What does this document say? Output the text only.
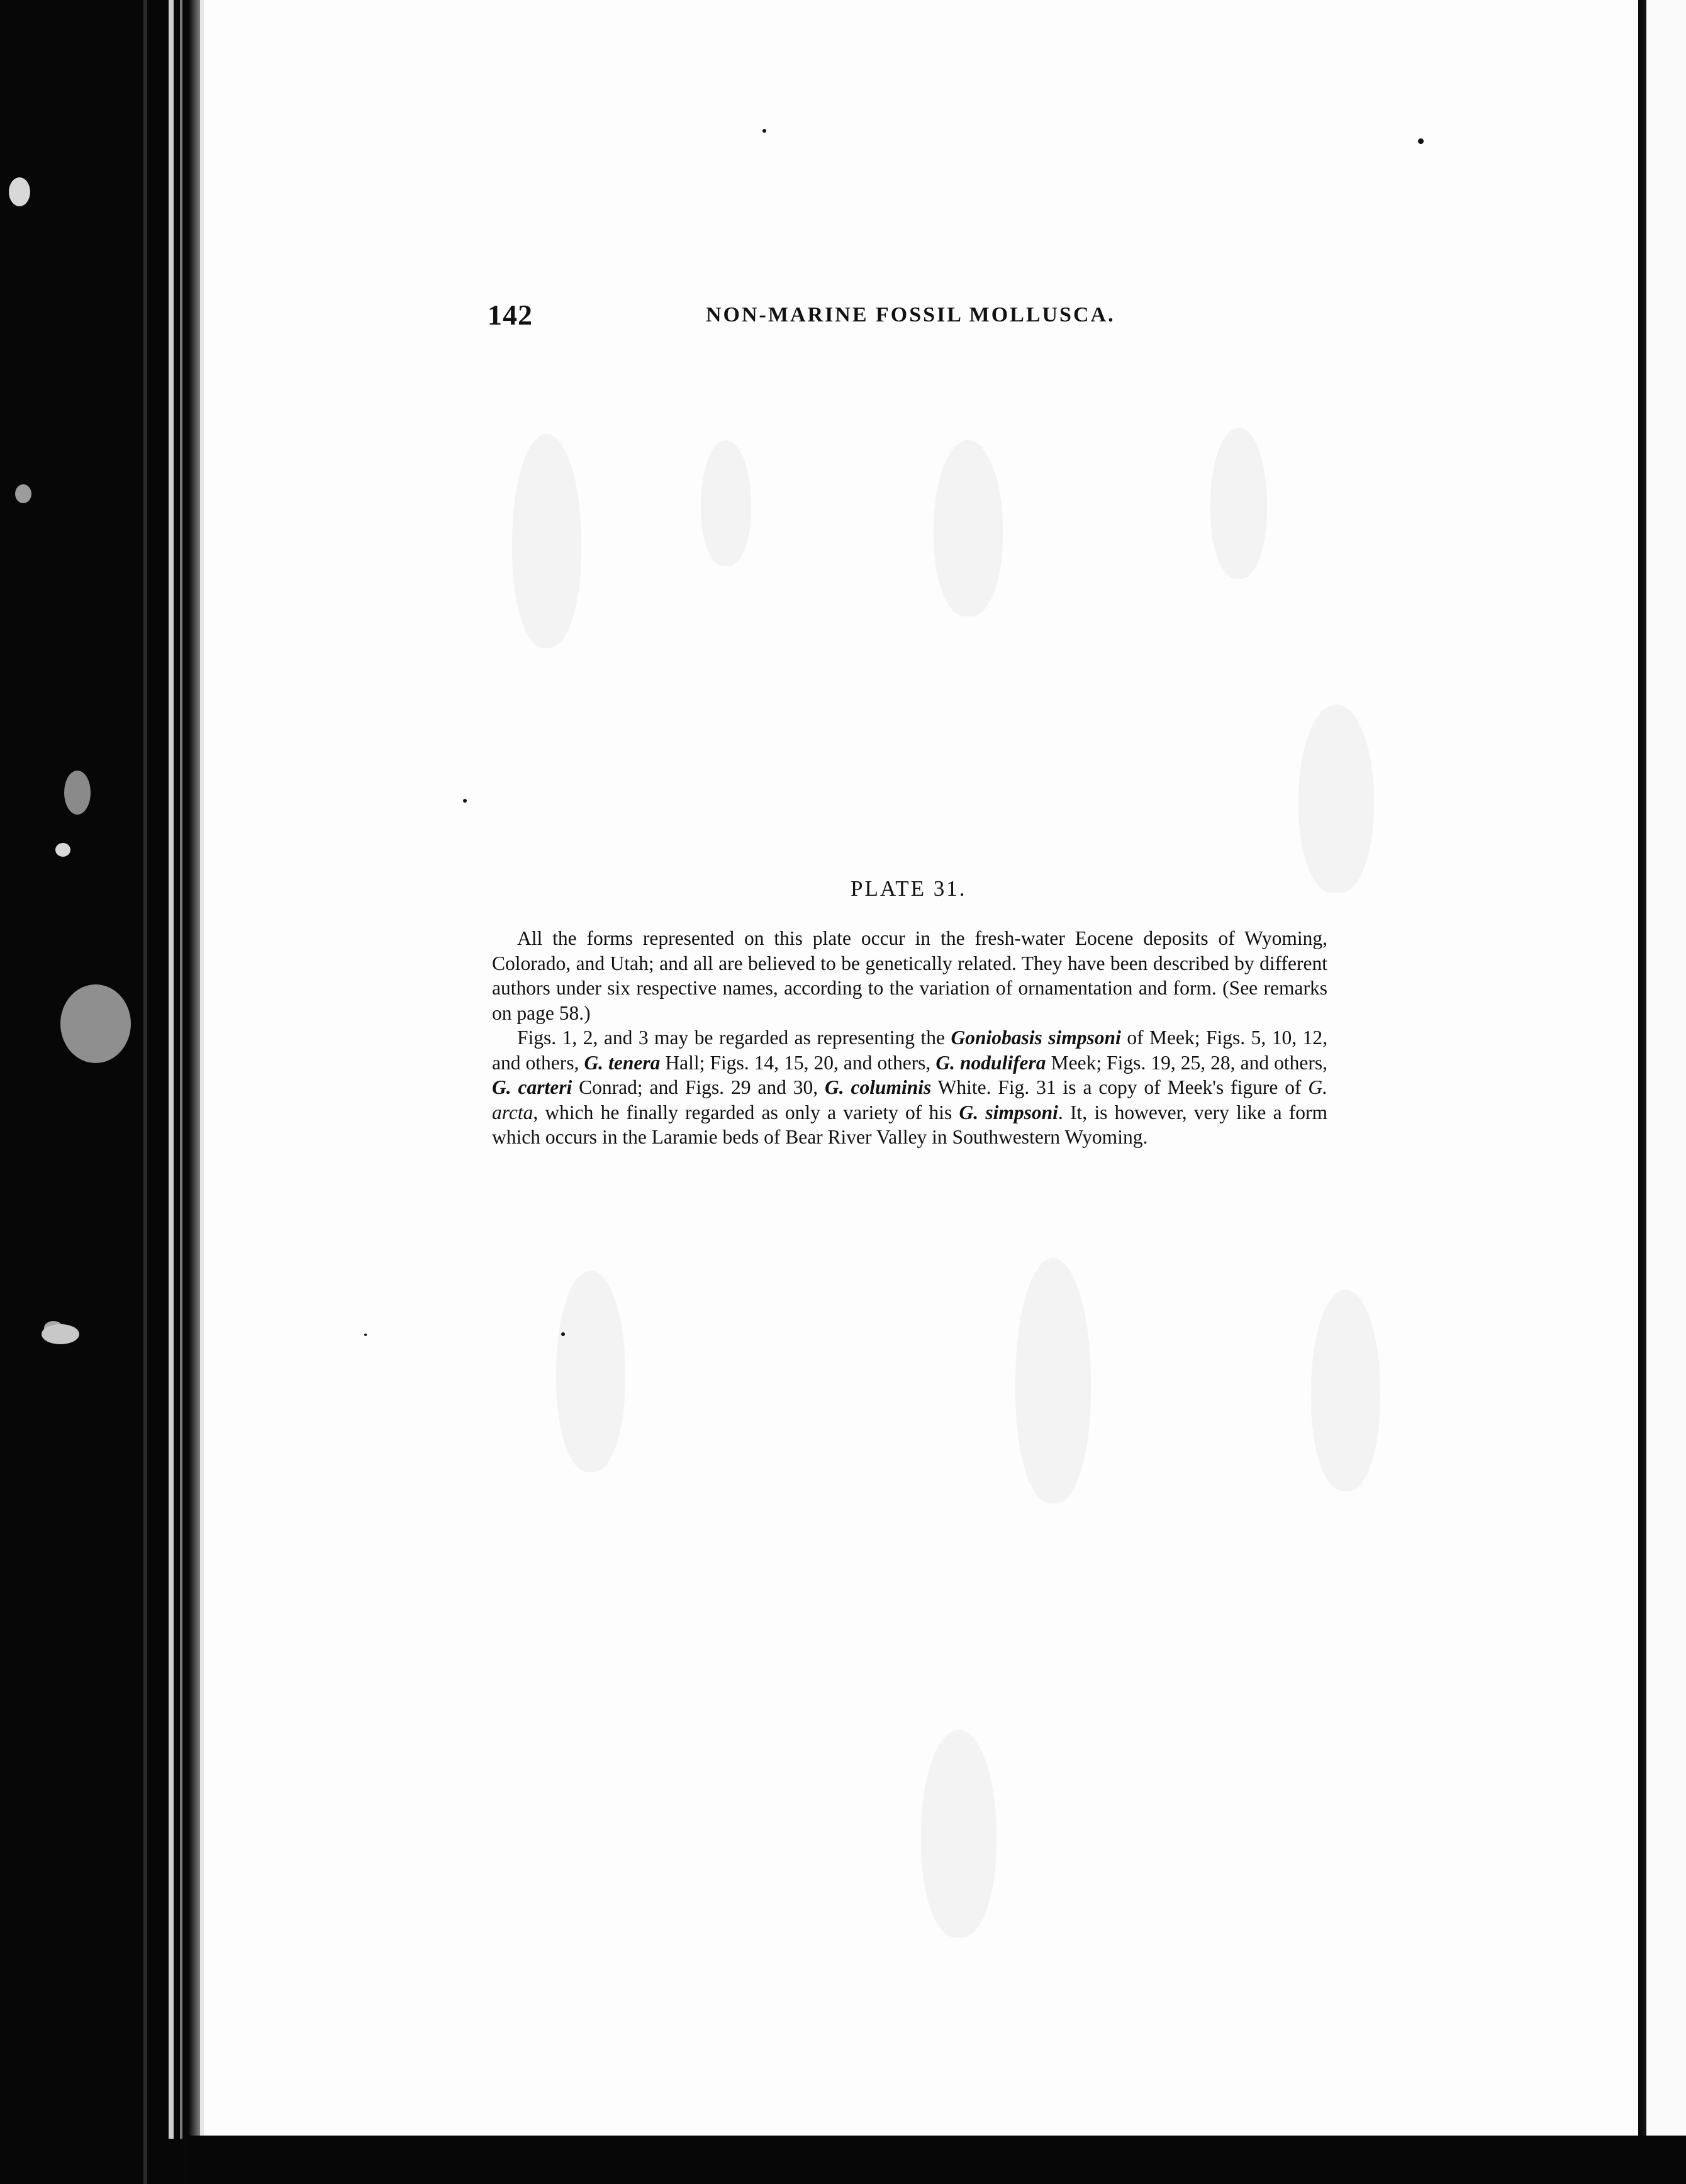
142	NON-MARINE FOSSIL MOLLUSCA.
PLATE 31.

All the forms represented on this plate occur in the fresh-water Eocene deposits of Wyoming, Colorado, and Utah; and all are believed to be genetically related. They have been described by different authors under six respective names, according to the variation of ornamentation and form. (See remarks on page 58.)

Figs. 1, 2, and 3 may be regarded as representing the Goniobasis simpsoni of Meek; Figs. 5, 10, 12, and others, G. tenera Hall; Figs. 14, 15, 20, and others, G. nodulifera Meek; Figs. 19, 25, 28, and others, G. carteri Conrad; and Figs. 29 and 30, G. columinis White. Fig. 31 is a copy of Meek's figure of G. arcta, which he finally regarded as only a variety of his G. simpsoni. It, is however, very like a form which occurs in the Laramie beds of Bear River Valley in Southwestern Wyoming.
